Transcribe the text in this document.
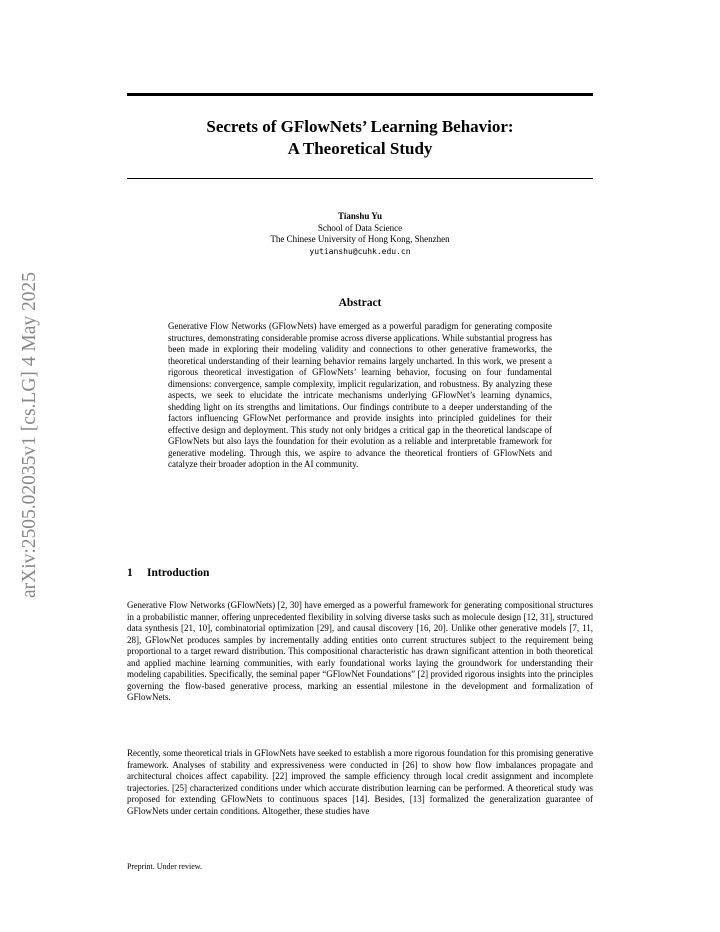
Secrets of GFlowNets’ Learning Behavior:
A Theoretical Study
arXiv:2505.02035v1 [cs.LG] 4 May 2025
Tianshu Yu
School of Data Science
The Chinese University of Hong Kong, Shenzhen
yutianshu@cuhk.edu.cn
Abstract

Generative Flow Networks (GFlowNets) have emerged as a powerful paradigm for generating composite structures, demonstrating considerable promise across diverse applications. While substantial progress has been made in exploring their modeling validity and connections to other generative frameworks, the theoretical understanding of their learning behavior remains largely uncharted. In this work, we present a rigorous theoretical investigation of GFlowNets’ learning behavior, focusing on four fundamental dimensions: convergence, sample complexity, implicit regularization, and robustness. By analyzing these aspects, we seek to elucidate the intricate mechanisms underlying GFlowNet’s learning dynamics, shedding light on its strengths and limitations. Our findings contribute to a deeper understanding of the factors influencing GFlowNet performance and provide insights into principled guidelines for their effective design and deployment. This study not only bridges a critical gap in the theoretical landscape of GFlowNets but also lays the foundation for their evolution as a reliable and interpretable framework for generative modeling. Through this, we aspire to advance the theoretical frontiers of GFlowNets and catalyze their broader adoption in the AI community.

1 Introduction

Generative Flow Networks (GFlowNets) [2, 30] have emerged as a powerful framework for generating compositional structures in a probabilistic manner, offering unprecedented flexibility in solving diverse tasks such as molecule design [12, 31], structured data synthesis [21, 10], combinatorial optimization [29], and causal discovery [16, 20]. Unlike other generative models [7, 11, 28], GFlowNet produces samples by incrementally adding entities onto current structures subject to the requirement being proportional to a target reward distribution. This compositional characteristic has drawn significant attention in both theoretical and applied machine learning communities, with early foundational works laying the groundwork for understanding their modeling capabilities. Specifically, the seminal paper “GFlowNet Foundations” [2] provided rigorous insights into the principles governing the flow-based generative process, marking an essential milestone in the development and formalization of GFlowNets.

Recently, some theoretical trials in GFlowNets have seeked to establish a more rigorous foundation for this promising generative framework. Analyses of stability and expressiveness were conducted in [26] to show how flow imbalances propagate and architectural choices affect capability. [22] improved the sample efficiency through local credit assignment and incomplete trajectories. [25] characterized conditions under which accurate distribution learning can be performed. A theoretical study was proposed for extending GFlowNets to continuous spaces [14]. Besides, [13] formalized the generalization guarantee of GFlowNets under certain conditions. Altogether, these studies have

Preprint. Under review.
